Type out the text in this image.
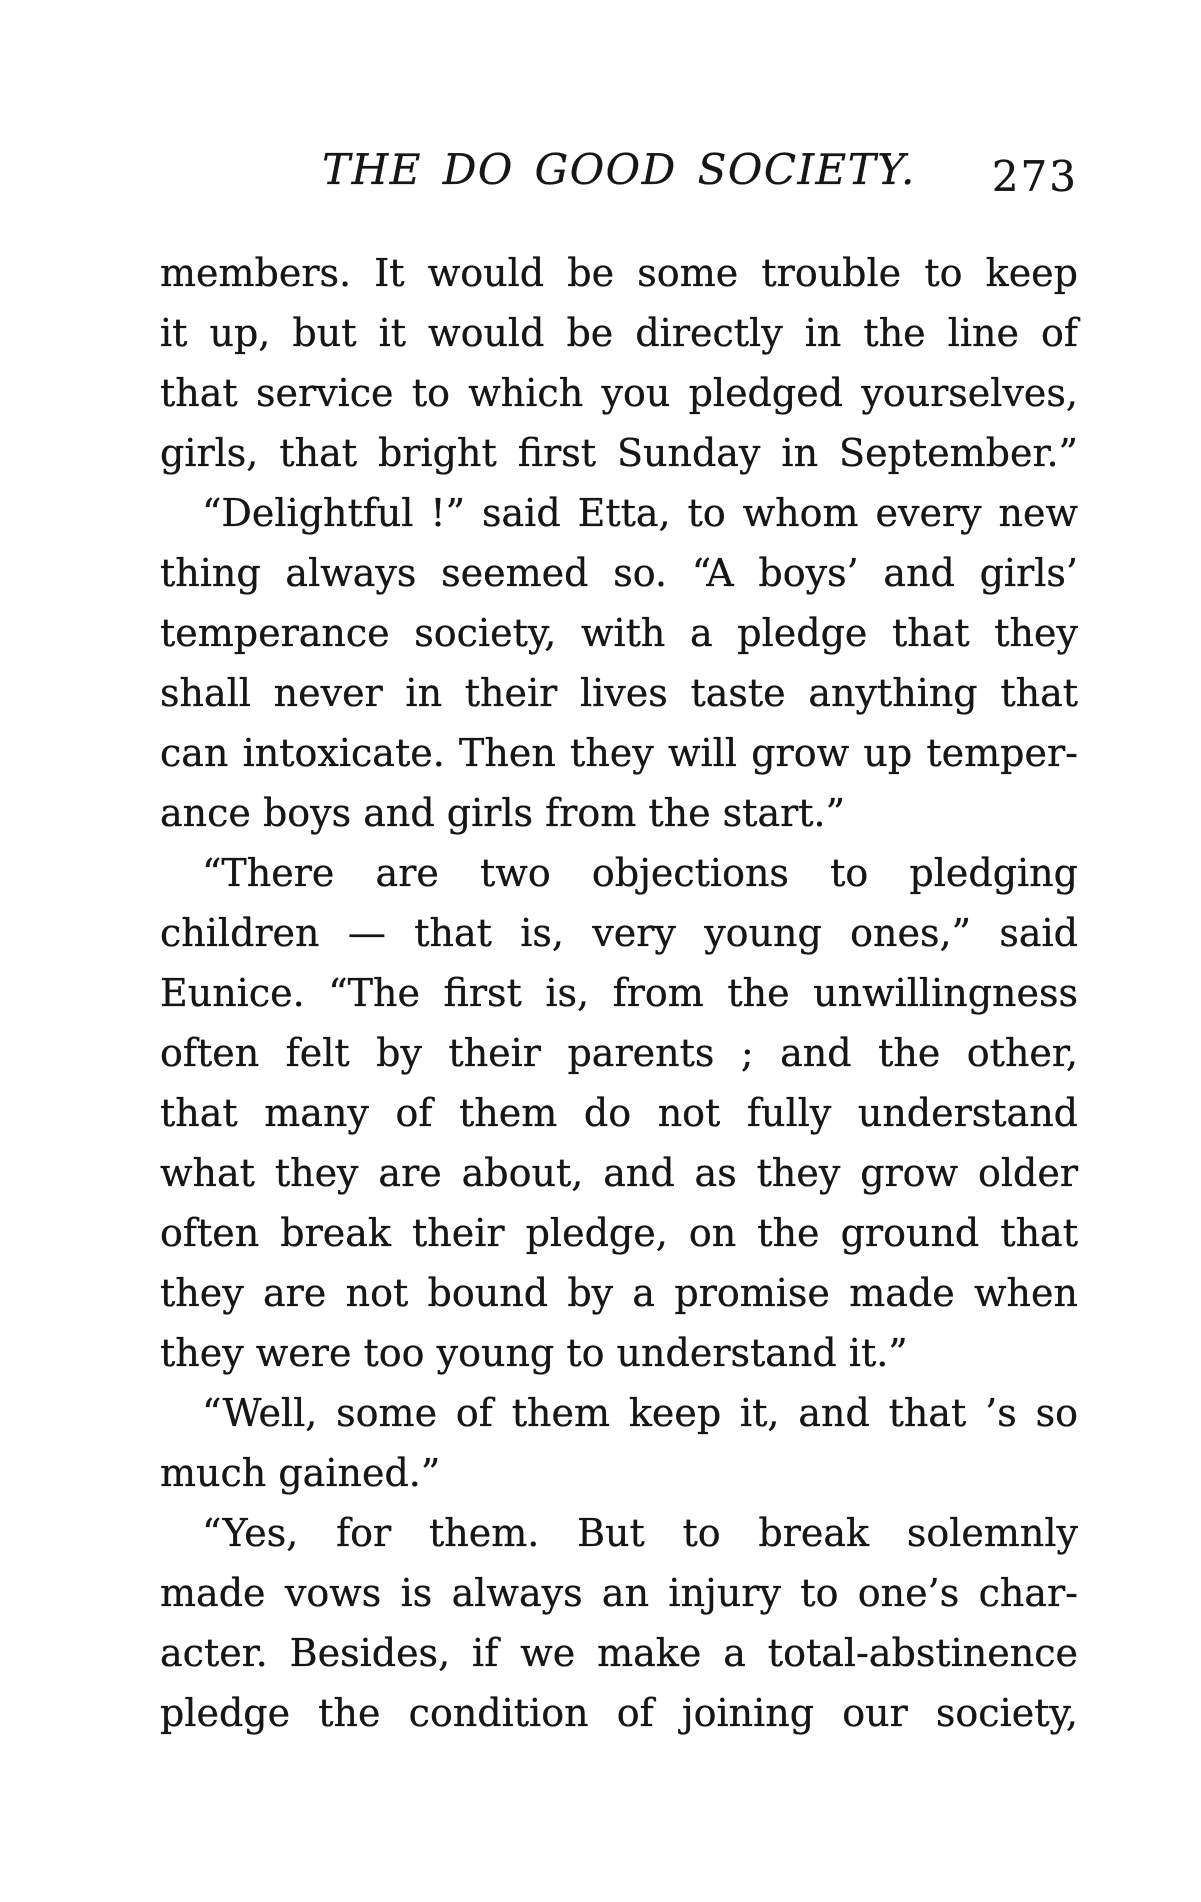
THE DO GOOD SOCIETY.	273
members. It would be some trouble to keep
it up, but it would be directly in the line of
that service to which you pledged yourselves,
girls, that bright first Sunday in September.”
“Delightful !” said Etta, to whom every new
thing always seemed so. “A boys’ and girls’
temperance society, with a pledge that they
shall never in their lives taste anything that
can intoxicate. Then they will grow up temper-
ance boys and girls from the start.”
“There are two objections to pledging
children — that is, very young ones,” said
Eunice. “The first is, from the unwillingness
often felt by their parents ; and the other,
that many of them do not fully understand
what they are about, and as they grow older
often break their pledge, on the ground that
they are not bound by a promise made when
they were too young to understand it.”
“Well, some of them keep it, and that ’s so
much gained.”
“Yes, for them. But to break solemnly
made vows is always an injury to one’s char-
acter. Besides, if we make a total-abstinence
pledge the condition of joining our society,
